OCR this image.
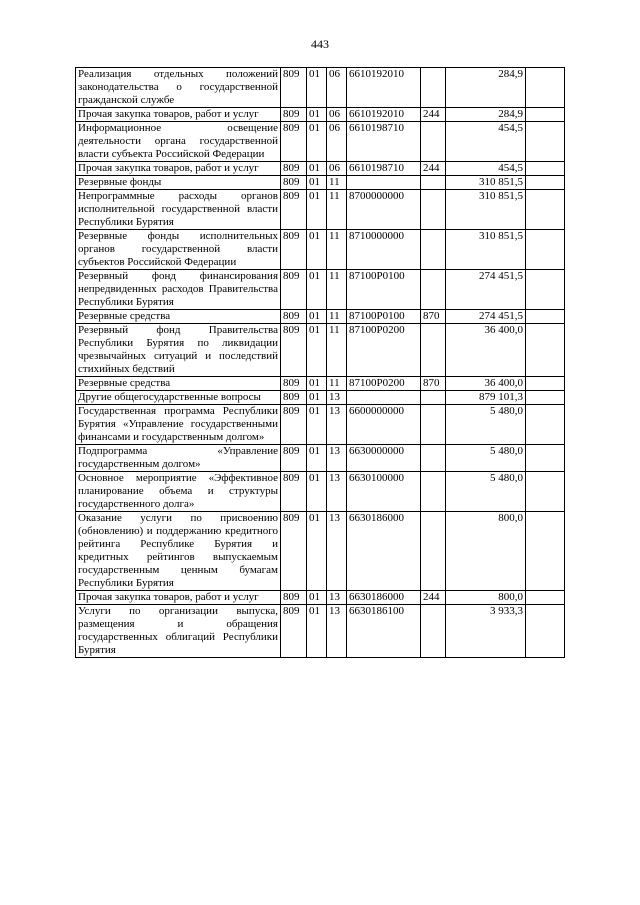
443
Реализация отдельных положений законодательства о государственной гражданской службе	809	01	06	6610192010		284,9	
Прочая закупка товаров, работ и услуг	809	01	06	6610192010	244	284,9	
Информационное освещение деятельности органа государственной власти субъекта Российской Федерации	809	01	06	6610198710		454,5	
Прочая закупка товаров, работ и услуг	809	01	06	6610198710	244	454,5	
Резервные фонды	809	01	11			310 851,5	
Непрограммные расходы органов исполнительной государственной власти Республики Бурятия	809	01	11	8700000000		310 851,5	
Резервные фонды исполнительных органов государственной власти субъектов Российской Федерации	809	01	11	8710000000		310 851,5	
Резервный фонд финансирования непредвиденных расходов Правительства Республики Бурятия	809	01	11	87100P0100		274 451,5	
Резервные средства	809	01	11	87100P0100	870	274 451,5	
Резервный фонд Правительства Республики Бурятия по ликвидации чрезвычайных ситуаций и последствий стихийных бедствий	809	01	11	87100P0200		36 400,0	
Резервные средства	809	01	11	87100P0200	870	36 400,0	
Другие общегосударственные вопросы	809	01	13			879 101,3	
Государственная программа Республики Бурятия «Управление государственными финансами и государственным долгом»	809	01	13	6600000000		5 480,0	
Подпрограмма «Управление государственным долгом»	809	01	13	6630000000		5 480,0	
Основное мероприятие «Эффективное планирование объема и структуры государственного долга»	809	01	13	6630100000		5 480,0	
Оказание услуги по присвоению (обновлению) и поддержанию кредитного рейтинга Республике Бурятия и кредитных рейтингов выпускаемым государственным ценным бумагам Республики Бурятия	809	01	13	6630186000		800,0	
Прочая закупка товаров, работ и услуг	809	01	13	6630186000	244	800,0	
Услуги по организации выпуска, размещения и обращения государственных облигаций Республики Бурятия	809	01	13	6630186100		3 933,3	
